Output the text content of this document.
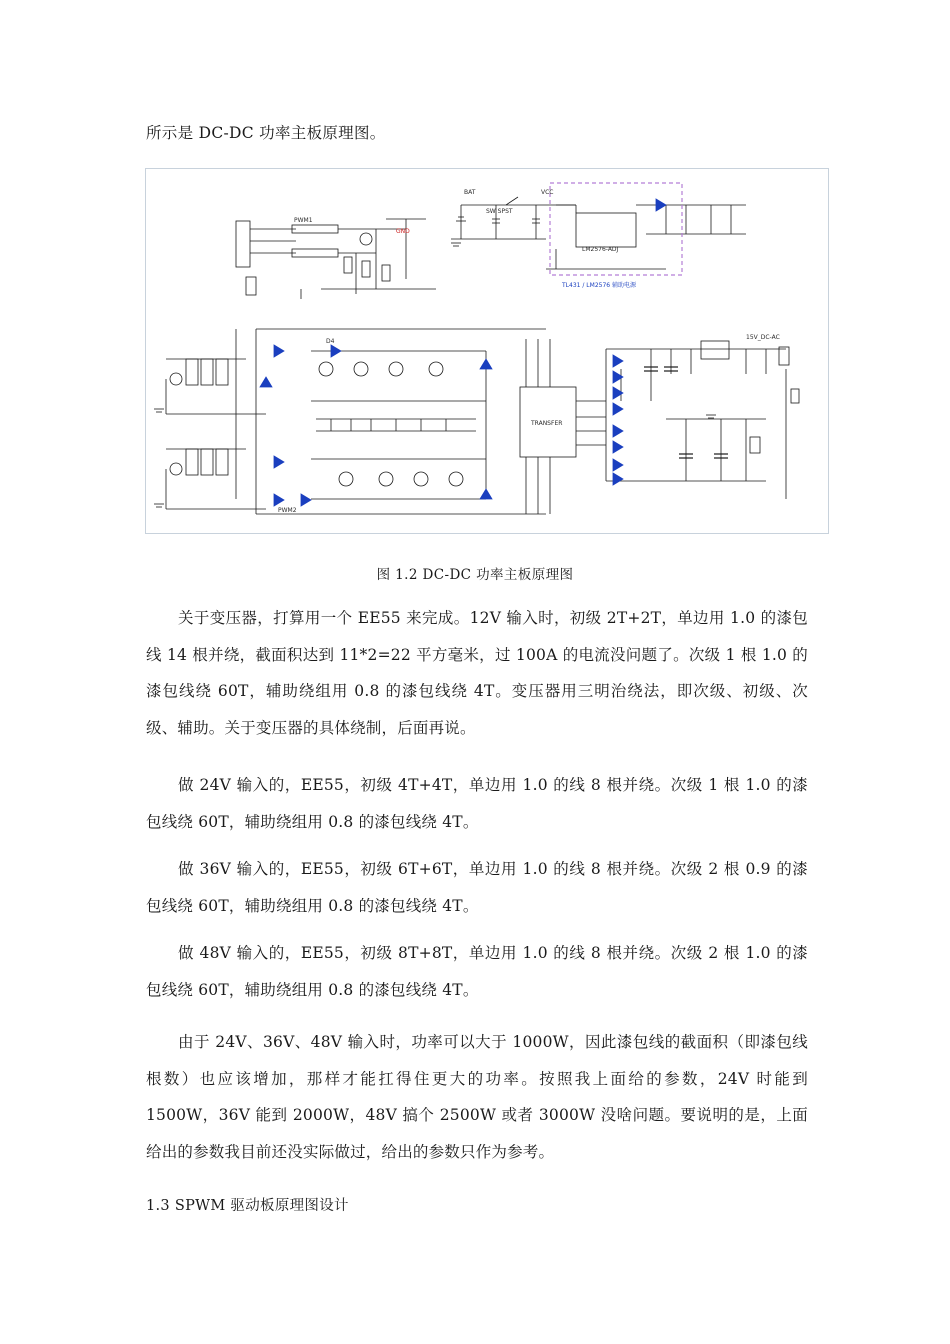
所示是 DC-DC 功率主板原理图。
PWM1
PWM2
TRANSFER
LM2576-ADJ
VCC
GND
BAT
SW SPST
15V_DC-AC
D4
TL431 / LM2576 辅助电源
图 1.2 DC-DC 功率主板原理图

关于变压器，打算用一个 EE55 来完成。12V 输入时，初级 2T+2T，单边用 1.0 的漆包线 14 根并绕，截面积达到 11*2=22 平方毫米，过 100A 的电流没问题了。次级 1 根 1.0 的漆包线绕 60T，辅助绕组用 0.8 的漆包线绕 4T。变压器用三明治绕法，即次级、初级、次级、辅助。关于变压器的具体绕制，后面再说。

做 24V 输入的，EE55，初级 4T+4T，单边用 1.0 的线 8 根并绕。次级 1 根 1.0 的漆包线绕 60T，辅助绕组用 0.8 的漆包线绕 4T。

做 36V 输入的，EE55，初级 6T+6T，单边用 1.0 的线 8 根并绕。次级 2 根 0.9 的漆包线绕 60T，辅助绕组用 0.8 的漆包线绕 4T。

做 48V 输入的，EE55，初级 8T+8T，单边用 1.0 的线 8 根并绕。次级 2 根 1.0 的漆包线绕 60T，辅助绕组用 0.8 的漆包线绕 4T。

由于 24V、36V、48V 输入时，功率可以大于 1000W，因此漆包线的截面积（即漆包线根数）也应该增加，那样才能扛得住更大的功率。按照我上面给的参数，24V 时能到 1500W，36V 能到 2000W，48V 搞个 2500W 或者 3000W 没啥问题。要说明的是，上面给出的参数我目前还没实际做过，给出的参数只作为参考。

1.3 SPWM 驱动板原理图设计
